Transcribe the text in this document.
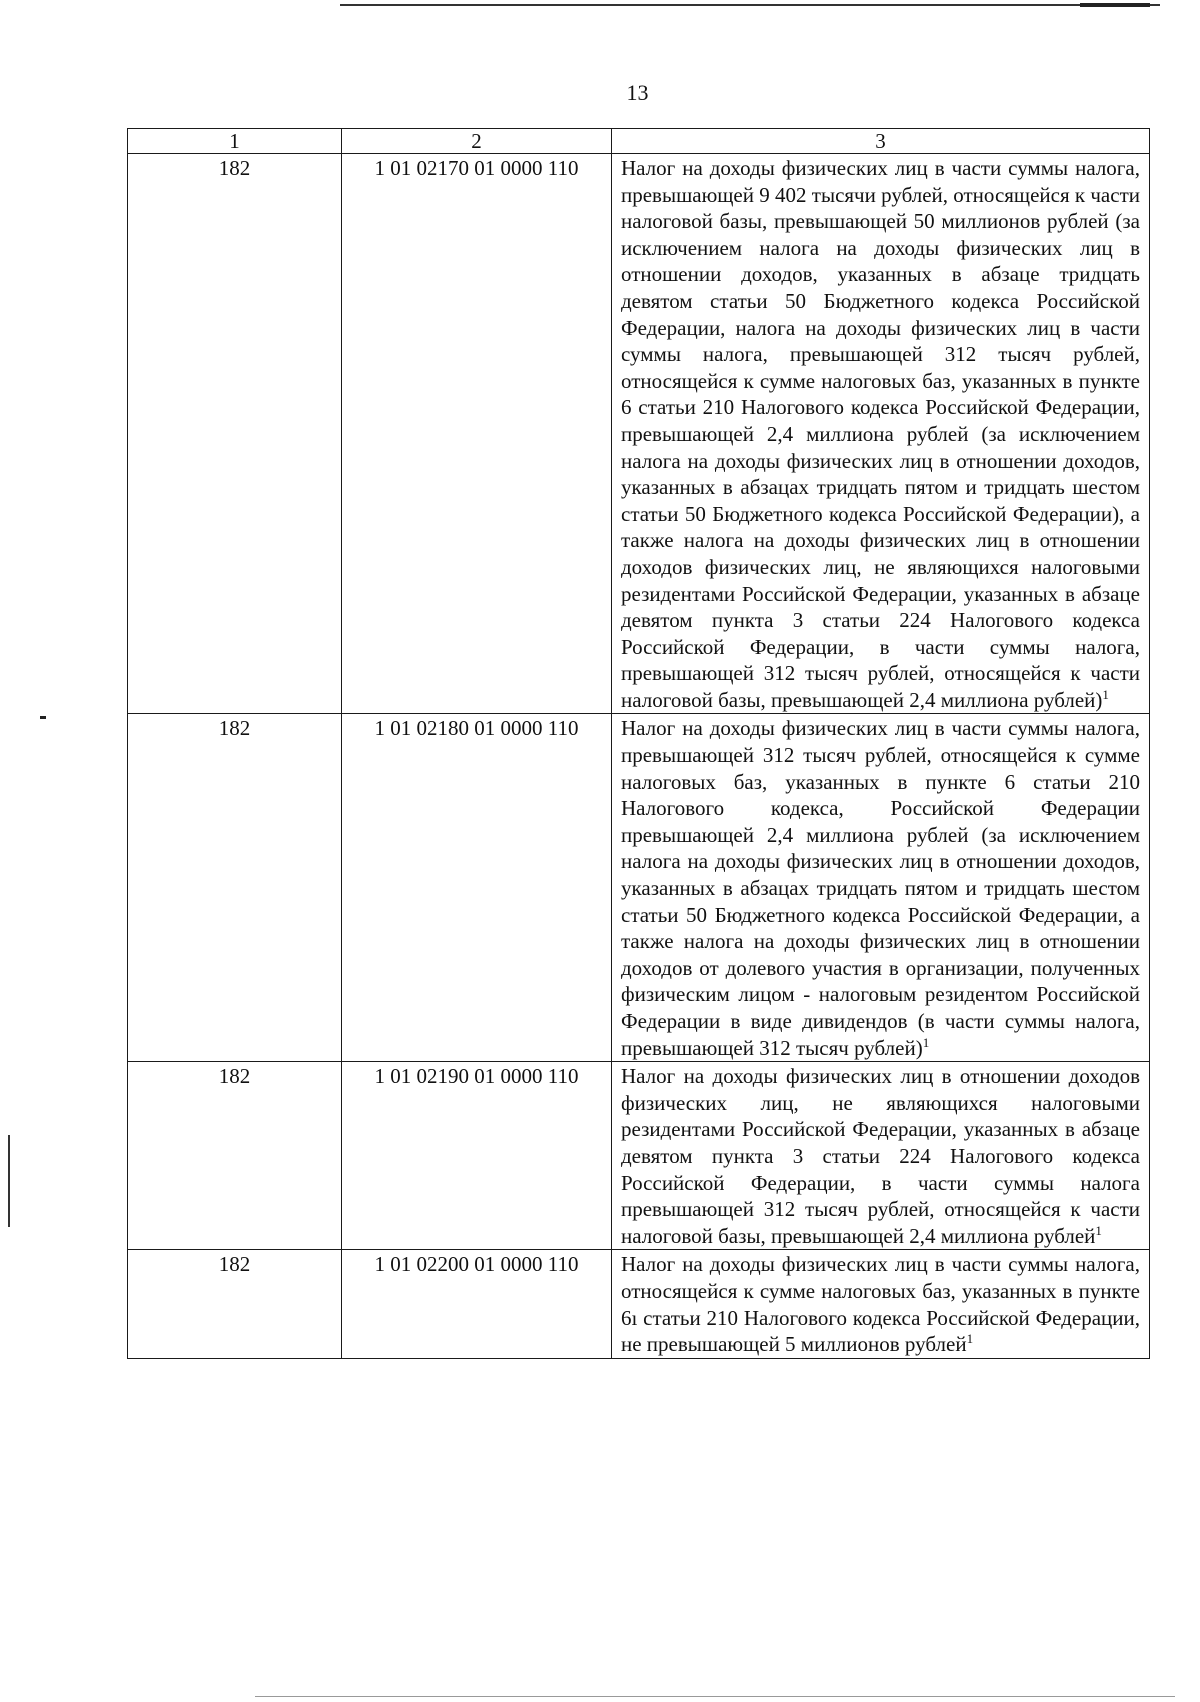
13
1	2	3
182	1 01 02170 01 0000 110	Налог на доходы физических лиц в части суммы налога, превышающей 9 402 тысячи рублей, относящейся к части налоговой базы, превышающей 50 миллионов рублей (за исключением налога на доходы физических лиц в отношении доходов, указанных в абзаце тридцать девятом статьи 50 Бюджетного кодекса Российской Федерации, налога на доходы физических лиц в части суммы налога, превышающей 312 тысяч рублей, относящейся к сумме налоговых баз, указанных в пункте 6 статьи 210 Налогового кодекса Российской Федерации, превышающей 2,4 миллиона рублей (за исключением налога на доходы физических лиц в отношении доходов, указанных в абзацах тридцать пятом и тридцать шестом статьи 50 Бюджетного кодекса Российской Федерации), а также налога на доходы физических лиц в отношении доходов физических лиц, не являющихся налоговыми резидентами Российской Федерации, указанных в абзаце девятом пункта 3 статьи 224 Налогового кодекса Российской Федерации, в части суммы налога, превышающей 312 тысяч рублей, относящейся к части налоговой базы, превышающей 2,4 миллиона рублей)$^1$
182	1 01 02180 01 0000 110	Налог на доходы физических лиц в части суммы налога, превышающей 312 тысяч рублей, относящейся к сумме налоговых баз, указанных в пункте 6 статьи 210 Налогового кодекса, Российской Федерации превышающей 2,4 миллиона рублей (за исключением налога на доходы физических лиц в отношении доходов, указанных в абзацах тридцать пятом и тридцать шестом статьи 50 Бюджетного кодекса Российской Федерации, а также налога на доходы физических лиц в отношении доходов от долевого участия в организации, полученных физическим лицом - налоговым резидентом Российской Федерации в виде дивидендов (в части суммы налога, превышающей 312 тысяч рублей)$^1$
182	1 01 02190 01 0000 110	Налог на доходы физических лиц в отношении доходов физических лиц, не являющихся налоговыми резидентами Российской Федерации, указанных в абзаце девятом пункта 3 статьи 224 Налогового кодекса Российской Федерации, в части суммы налога превышающей 312 тысяч рублей, относящейся к части налоговой базы, превышающей 2,4 миллиона рублей$^1$
182	1 01 02200 01 0000 110	Налог на доходы физических лиц в части суммы налога, относящейся к сумме налоговых баз, указанных в пункте 6ı статьи 210 Налогового кодекса Российской Федерации, не превышающей 5 миллионов рублей$^1$
